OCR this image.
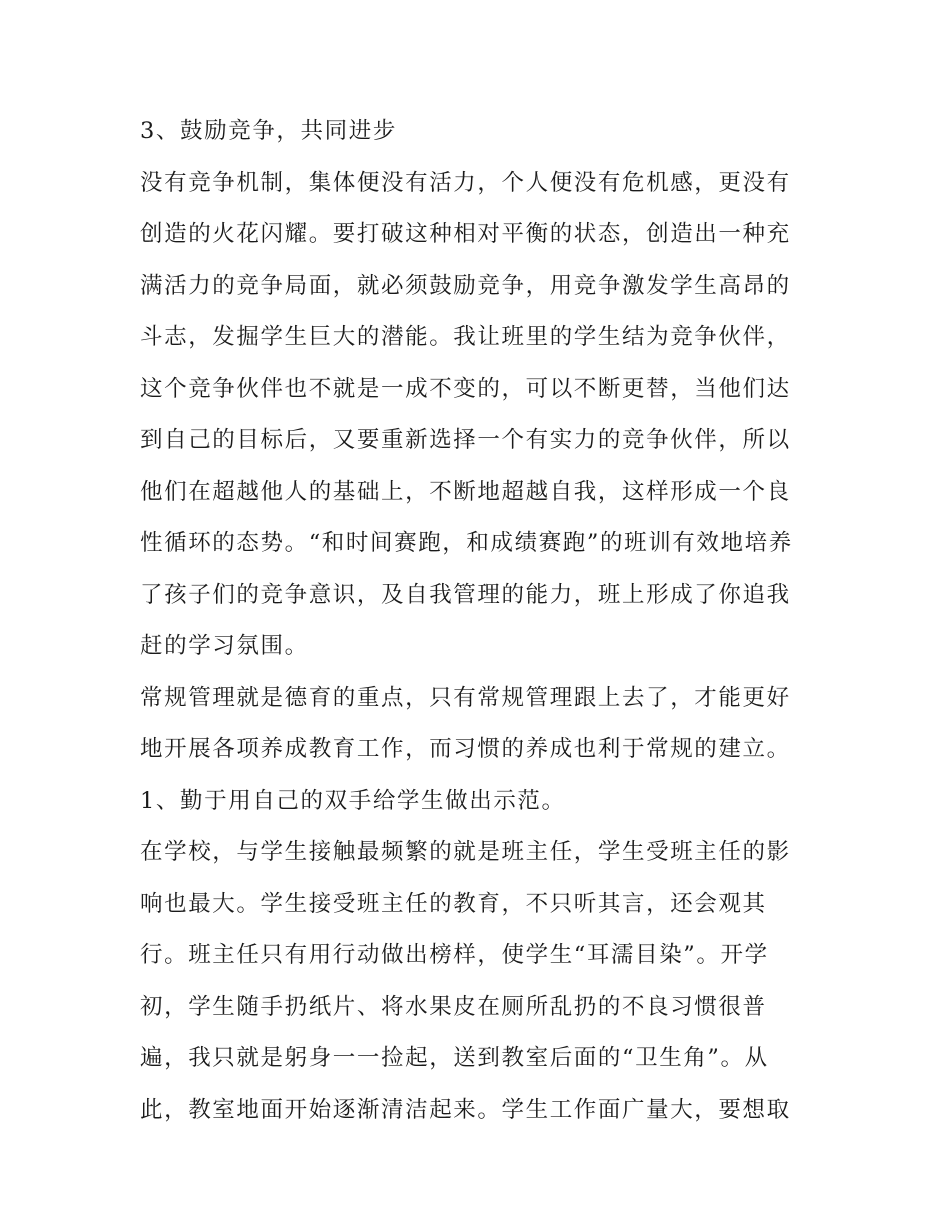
3、鼓励竞争，共同进步
没有竞争机制，集体便没有活力，个人便没有危机感，更没有
创造的火花闪耀。要打破这种相对平衡的状态，创造出一种充
满活力的竞争局面，就必须鼓励竞争，用竞争激发学生高昂的
斗志，发掘学生巨大的潜能。我让班里的学生结为竞争伙伴，
这个竞争伙伴也不就是一成不变的，可以不断更替，当他们达
到自己的目标后，又要重新选择一个有实力的竞争伙伴，所以
他们在超越他人的基础上，不断地超越自我，这样形成一个良
性循环的态势。“和时间赛跑，和成绩赛跑”的班训有效地培养
了孩子们的竞争意识，及自我管理的能力，班上形成了你追我
赶的学习氛围。
常规管理就是德育的重点，只有常规管理跟上去了，才能更好
地开展各项养成教育工作，而习惯的养成也利于常规的建立。
1、勤于用自己的双手给学生做出示范。
在学校，与学生接触最频繁的就是班主任，学生受班主任的影
响也最大。学生接受班主任的教育，不只听其言，还会观其
行。班主任只有用行动做出榜样，使学生“耳濡目染”。开学
初，学生随手扔纸片、将水果皮在厕所乱扔的不良习惯很普
遍，我只就是躬身一一捡起，送到教室后面的“卫生角”。从
此，教室地面开始逐渐清洁起来。学生工作面广量大，要想取
